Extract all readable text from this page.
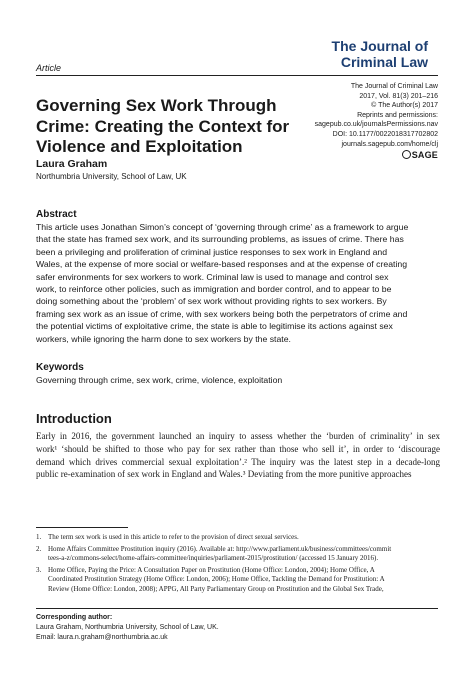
Article
The Journal of
Criminal Law
The Journal of Criminal Law
2017, Vol. 81(3) 201–216
© The Author(s) 2017
Reprints and permissions:
sagepub.co.uk/journalsPermissions.nav
DOI: 10.1177/0022018317702802
journals.sagepub.com/home/clj
SAGE
Governing Sex Work Through
Crime: Creating the Context for
Violence and Exploitation
Laura Graham
Northumbria University, School of Law, UK
Abstract
This article uses Jonathan Simon’s concept of ‘governing through crime’ as a framework to argue
that the state has framed sex work, and its surrounding problems, as issues of crime. There has
been a privileging and proliferation of criminal justice responses to sex work in England and
Wales, at the expense of more social or welfare-based responses and at the expense of creating
safer environments for sex workers to work. Criminal law is used to manage and control sex
work, to reinforce other policies, such as immigration and border control, and to appear to be
doing something about the ‘problem’ of sex work without providing rights to sex workers. By
framing sex work as an issue of crime, with sex workers being both the perpetrators of crime and
the potential victims of exploitative crime, the state is able to legitimise its actions against sex
workers, while ignoring the harm done to sex workers by the state.
Keywords
Governing through crime, sex work, crime, violence, exploitation
Introduction
Early in 2016, the government launched an inquiry to assess whether the ‘burden of criminality’ in sex
work¹ ‘should be shifted to those who pay for sex rather than those who sell it’, in order to ‘discourage
demand which drives commercial sexual exploitation’.² The inquiry was the latest step in a decade-long
public re-examination of sex work in England and Wales.³ Deviating from the more punitive approaches
1. The term sex work is used in this article to refer to the provision of direct sexual services.
2. Home Affairs Committee Prostitution inquiry (2016). Available at: http://www.parliament.uk/business/committees/commit
tees-a-z/commons-select/home-affairs-committee/inquiries/parliament-2015/prostitution/ (accessed 15 January 2016).
3. Home Office, Paying the Price: A Consultation Paper on Prostitution (Home Office: London, 2004); Home Office, A
Coordinated Prostitution Strategy (Home Office: London, 2006); Home Office, Tackling the Demand for Prostitution: A
Review (Home Office: London, 2008); APPG, All Party Parliamentary Group on Prostitution and the Global Sex Trade,
Corresponding author:
Laura Graham, Northumbria University, School of Law, UK.
Email: laura.n.graham@northumbria.ac.uk
